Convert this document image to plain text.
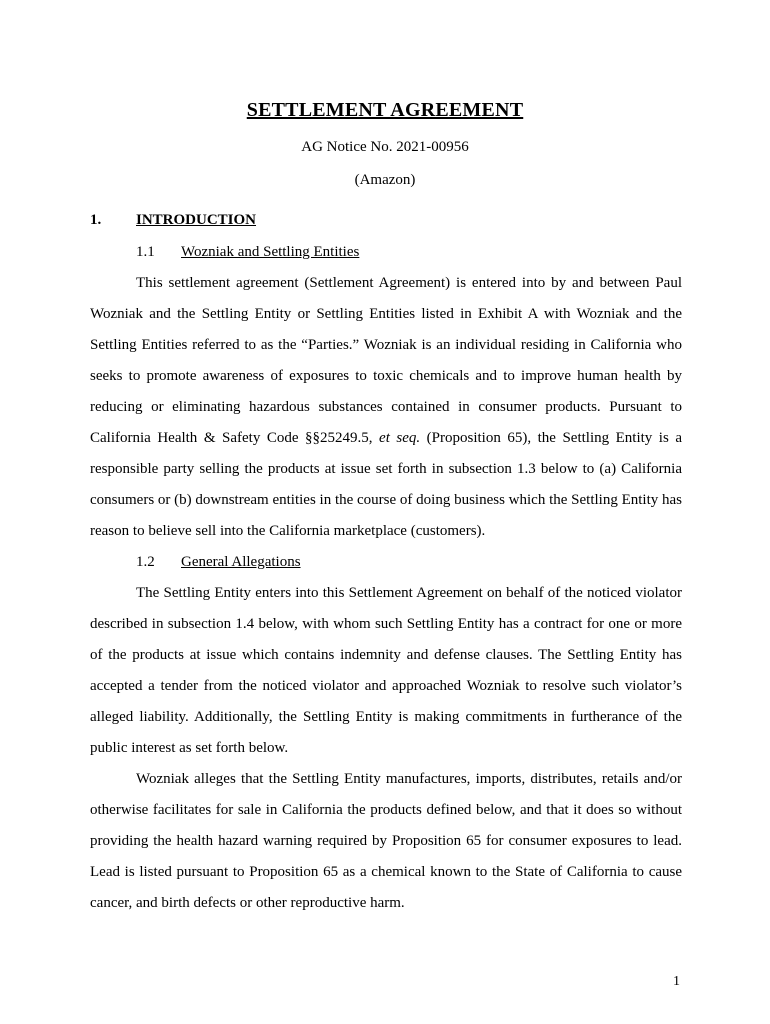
SETTLEMENT AGREEMENT
AG Notice No. 2021-00956
(Amazon)
1. INTRODUCTION
1.1 Wozniak and Settling Entities

This settlement agreement (Settlement Agreement) is entered into by and between Paul Wozniak and the Settling Entity or Settling Entities listed in Exhibit A with Wozniak and the Settling Entities referred to as the “Parties.” Wozniak is an individual residing in California who seeks to promote awareness of exposures to toxic chemicals and to improve human health by reducing or eliminating hazardous substances contained in consumer products. Pursuant to California Health & Safety Code §§25249.5, et seq. (Proposition 65), the Settling Entity is a responsible party selling the products at issue set forth in subsection 1.3 below to (a) California consumers or (b) downstream entities in the course of doing business which the Settling Entity has reason to believe sell into the California marketplace (customers).

1.2 General Allegations

The Settling Entity enters into this Settlement Agreement on behalf of the noticed violator described in subsection 1.4 below, with whom such Settling Entity has a contract for one or more of the products at issue which contains indemnity and defense clauses. The Settling Entity has accepted a tender from the noticed violator and approached Wozniak to resolve such violator’s alleged liability. Additionally, the Settling Entity is making commitments in furtherance of the public interest as set forth below.

Wozniak alleges that the Settling Entity manufactures, imports, distributes, retails and/or otherwise facilitates for sale in California the products defined below, and that it does so without providing the health hazard warning required by Proposition 65 for consumer exposures to lead. Lead is listed pursuant to Proposition 65 as a chemical known to the State of California to cause cancer, and birth defects or other reproductive harm.

1
